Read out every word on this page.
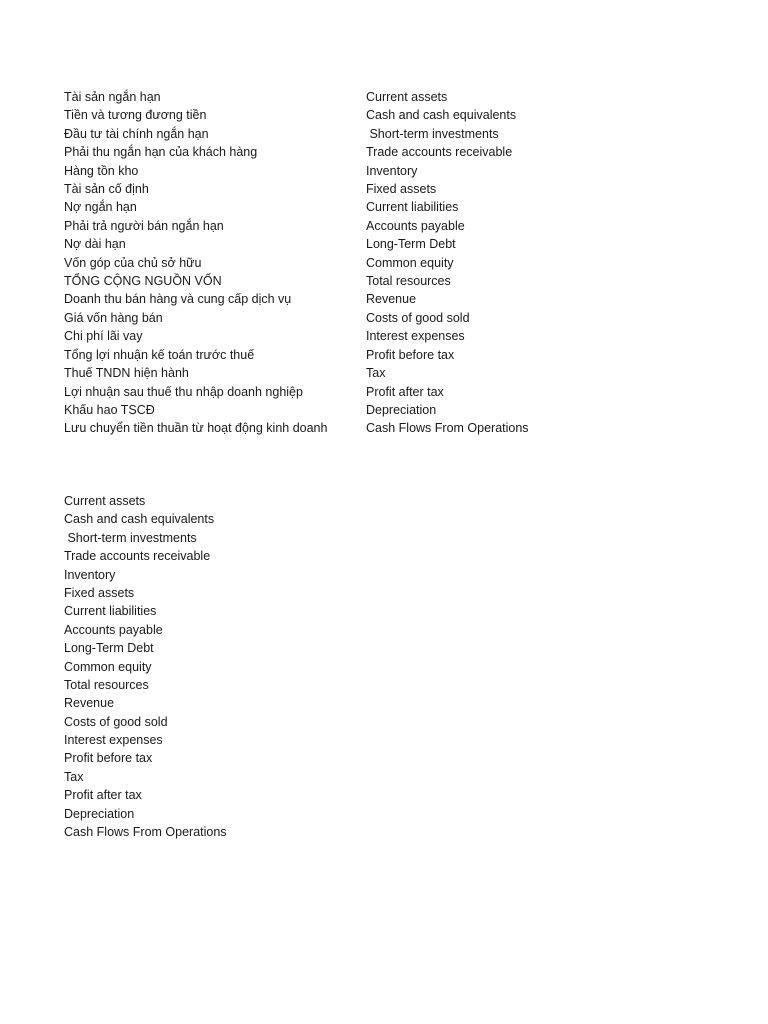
Tài sản ngắn hạn	Current assets
Tiền và tương đương tiền	Cash and cash equivalents
Đầu tư tài chính ngắn hạn	Short-term investments
Phải thu ngắn hạn của khách hàng	Trade accounts receivable
Hàng tồn kho	Inventory
Tài sản cố định	Fixed assets
Nợ ngắn hạn	Current liabilities
Phải trả người bán ngắn hạn	Accounts payable
Nợ dài hạn	Long-Term Debt
Vốn góp của chủ sở hữu	Common equity
TỔNG CỘNG NGUỒN VỐN	Total resources
Doanh thu bán hàng và cung cấp dịch vụ	Revenue
Giá vốn hàng bán	Costs of good sold
Chi phí lãi vay	Interest expenses
Tổng lợi nhuận kế toán trước thuế	Profit before tax
Thuế TNDN hiện hành	Tax
Lợi nhuận sau thuế thu nhập doanh nghiệp	Profit after tax
Khấu hao TSCĐ	Depreciation
Lưu chuyển tiền thuần từ hoạt động kinh doanh	Cash Flows From Operations
Current assets
Cash and cash equivalents
Short-term investments
Trade accounts receivable
Inventory
Fixed assets
Current liabilities
Accounts payable
Long-Term Debt
Common equity
Total resources
Revenue
Costs of good sold
Interest expenses
Profit before tax
Tax
Profit after tax
Depreciation
Cash Flows From Operations
